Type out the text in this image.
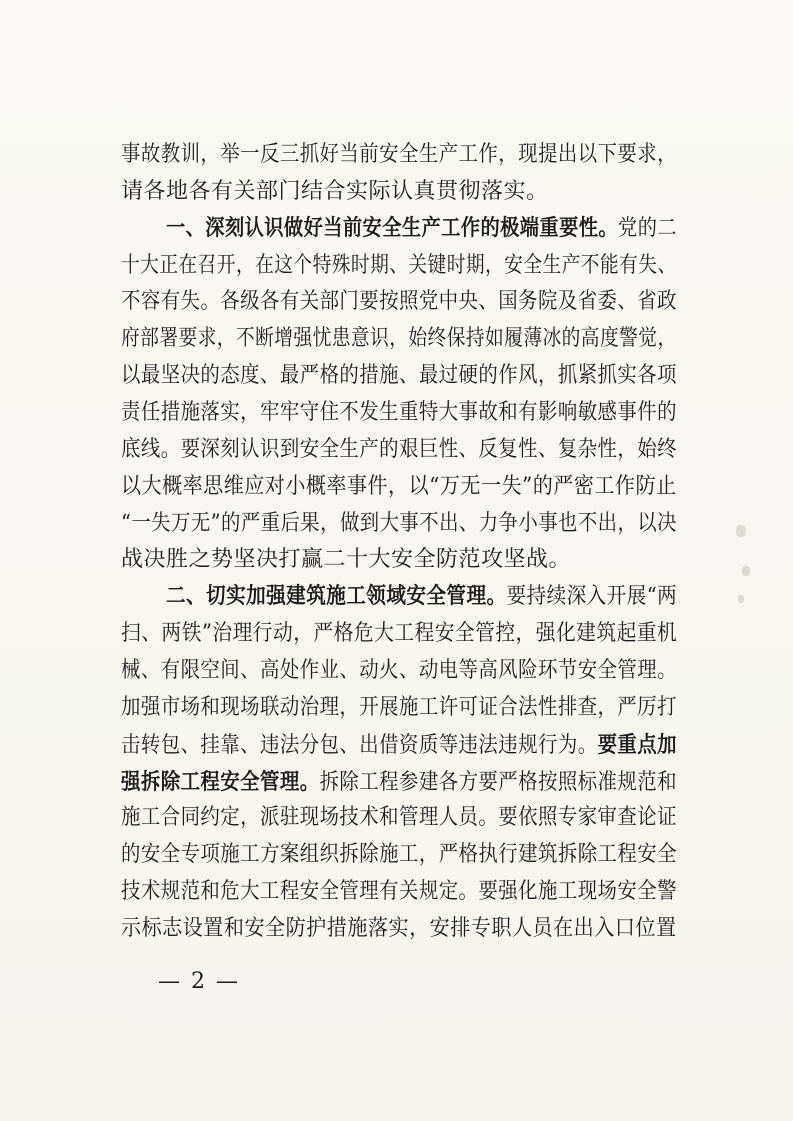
事故教训，举一反三抓好当前安全生产工作，现提出以下要求，
请各地各有关部门结合实际认真贯彻落实。
一、深刻认识做好当前安全生产工作的极端重要性。党的二
十大正在召开，在这个特殊时期、关键时期，安全生产不能有失、
不容有失。各级各有关部门要按照党中央、国务院及省委、省政
府部署要求，不断增强忧患意识，始终保持如履薄冰的高度警觉，
以最坚决的态度、最严格的措施、最过硬的作风，抓紧抓实各项
责任措施落实，牢牢守住不发生重特大事故和有影响敏感事件的
底线。要深刻认识到安全生产的艰巨性、反复性、复杂性，始终
以大概率思维应对小概率事件，以“万无一失”的严密工作防止
“一失万无”的严重后果，做到大事不出、力争小事也不出，以决
战决胜之势坚决打赢二十大安全防范攻坚战。
二、切实加强建筑施工领域安全管理。要持续深入开展“两
扫、两铁”治理行动，严格危大工程安全管控，强化建筑起重机
械、有限空间、高处作业、动火、动电等高风险环节安全管理。
加强市场和现场联动治理，开展施工许可证合法性排查，严厉打
击转包、挂靠、违法分包、出借资质等违法违规行为。要重点加
强拆除工程安全管理。拆除工程参建各方要严格按照标准规范和
施工合同约定，派驻现场技术和管理人员。要依照专家审查论证
的安全专项施工方案组织拆除施工，严格执行建筑拆除工程安全
技术规范和危大工程安全管理有关规定。要强化施工现场安全警
示标志设置和安全防护措施落实，安排专职人员在出入口位置
— 2 —
